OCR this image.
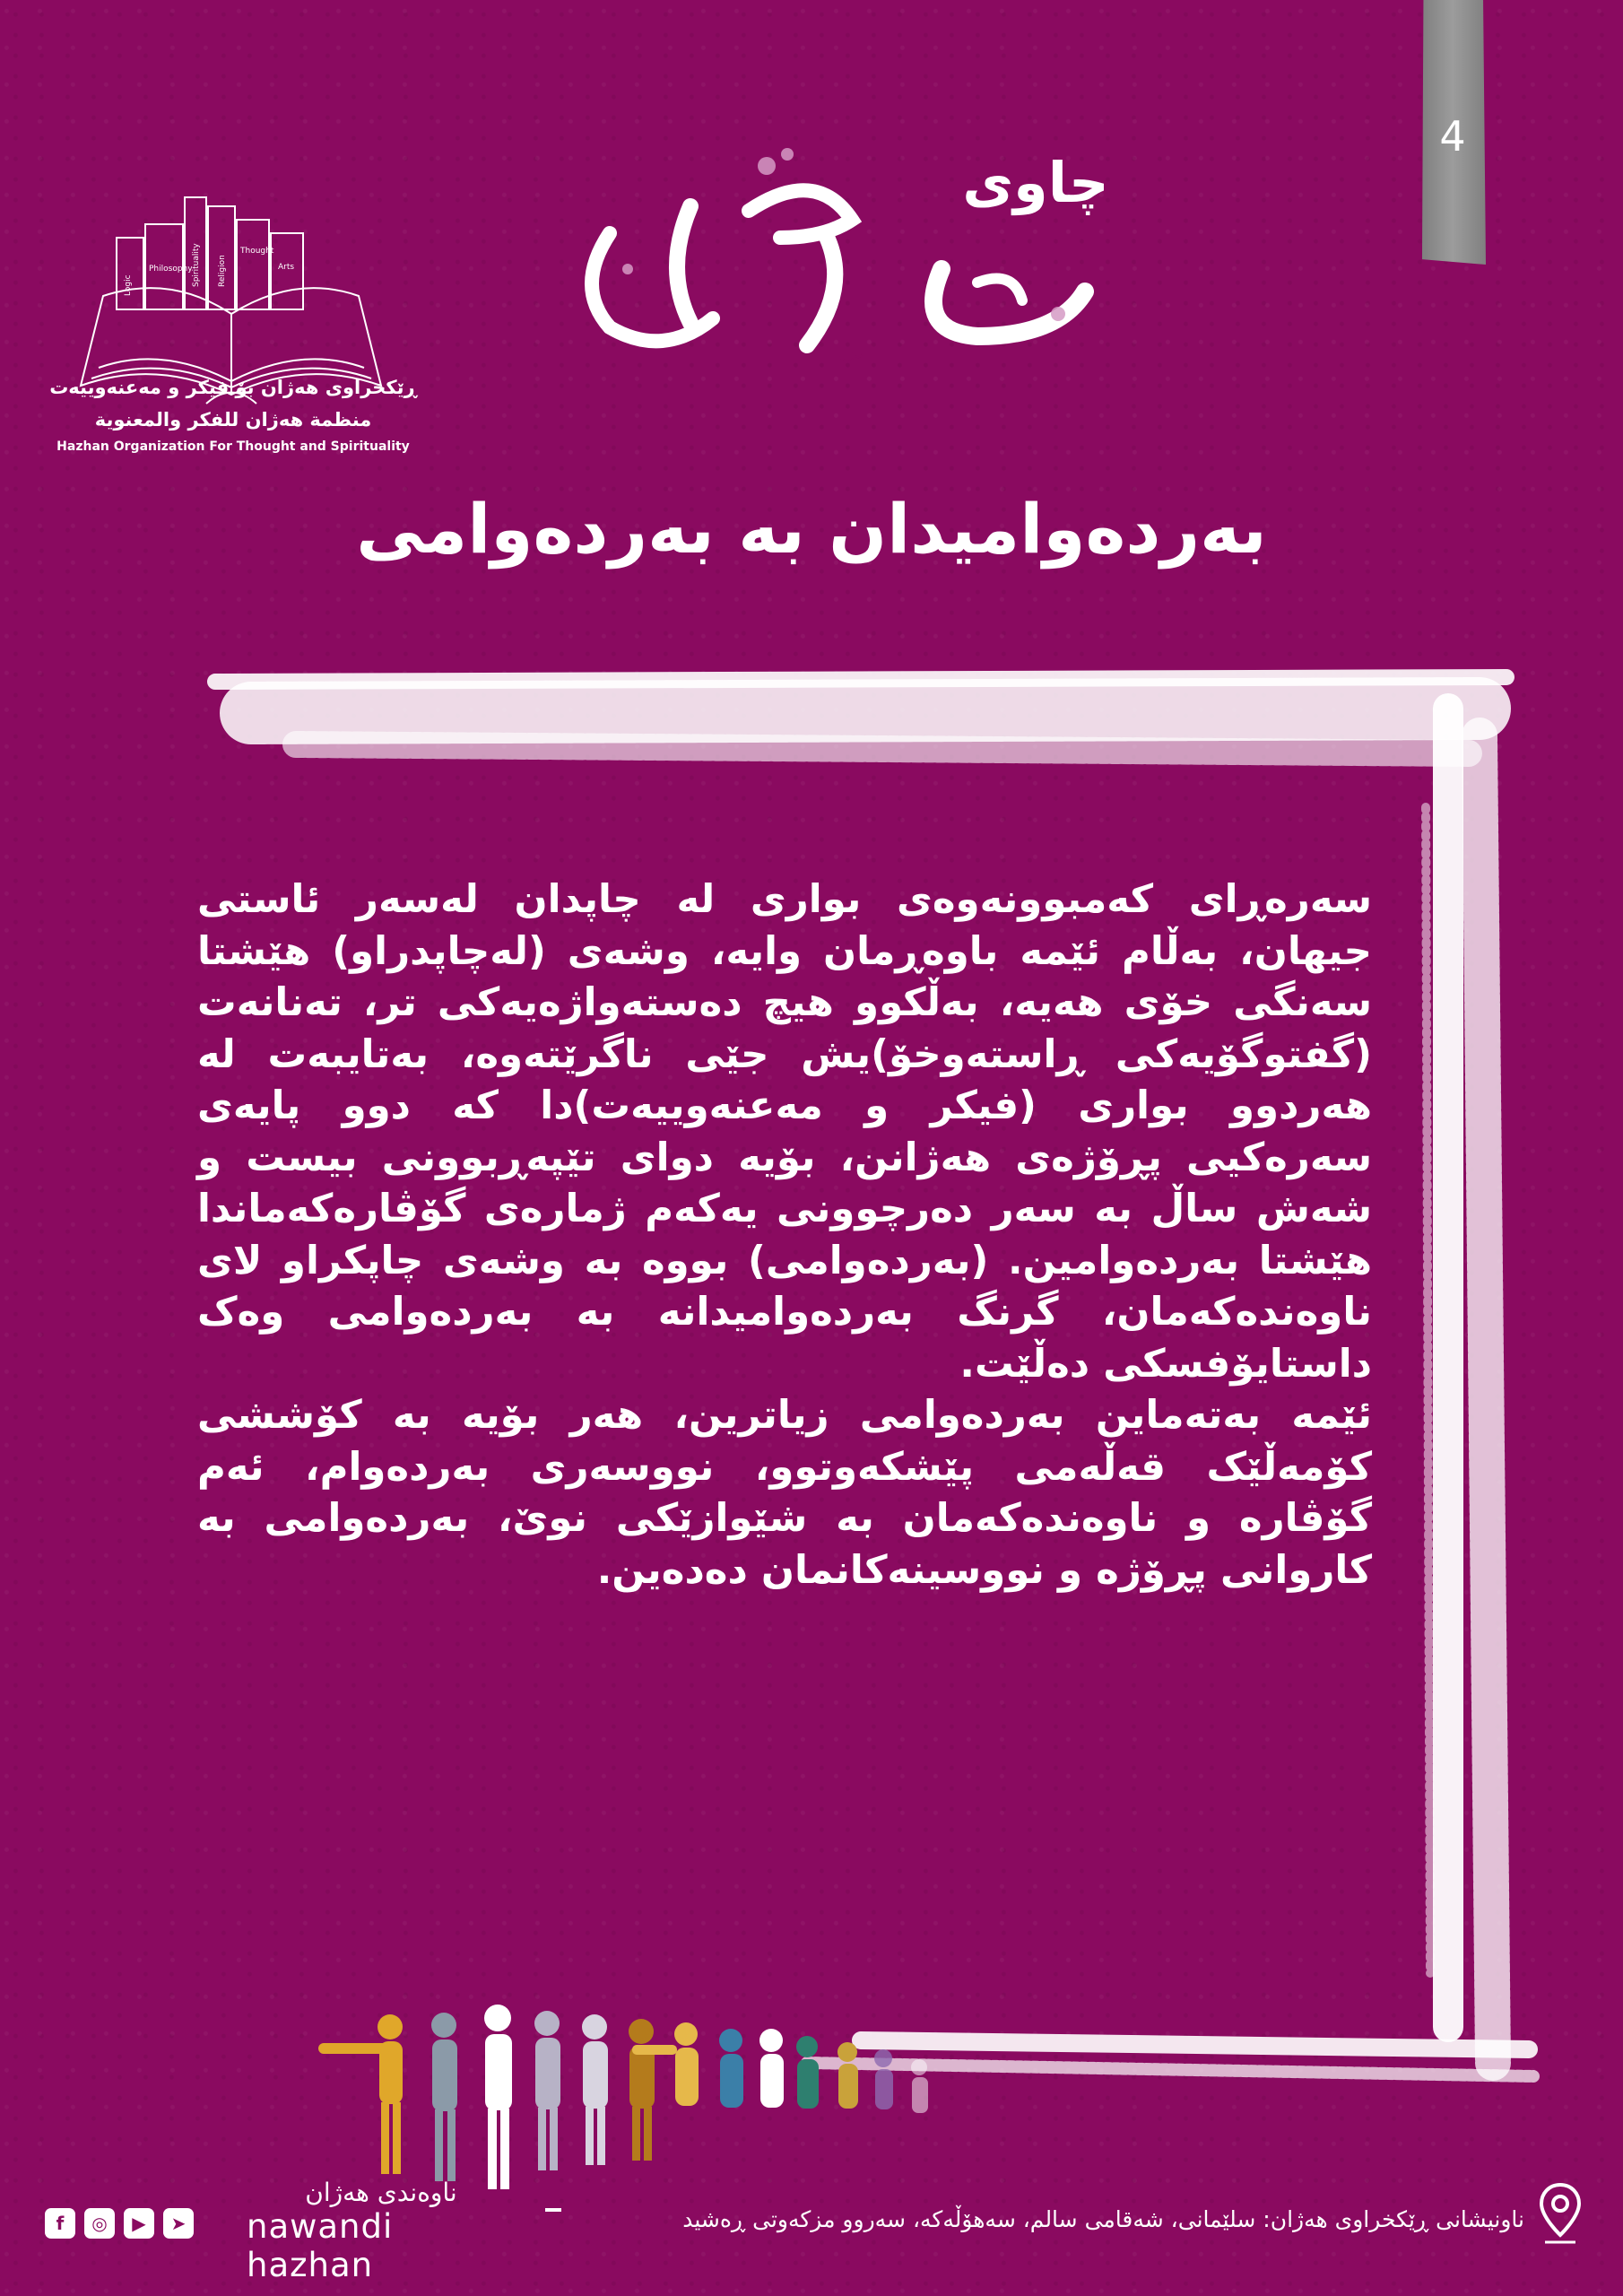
4
Logic
Philosophy Spirituality Religion
Thought
Arts
ڕێکخراوی هەژان بۆ فیکر و مەعنەوییەت
منظمة هەژان للفكر والمعنوية
Hazhan Organization For Thought and Spirituality
چاوی
هەژان
بەردەوامیدان بە بەردەوامی

سەرەڕای کەمبوونەوەی بواری لە چاپدان لەسەر ئاستی جیهان، بەڵام ئێمە باوەڕمان وایە، وشەی (لەچاپدراو) هێشتا سەنگی خۆی هەیە، بەڵکوو هیچ دەستەواژەیەکی تر، تەنانەت (گفتوگۆیەکی ڕاستەوخۆ)یش جێی ناگرێتەوە، بەتایبەت لە هەردوو بواری (فیکر و مەعنەوییەت)دا کە دوو پایەی سەرەکیی پڕۆژەی هەژانن، بۆیە دوای تێپەڕبوونی بیست و شەش ساڵ بە سەر دەرچوونی یەکەم ژمارەی گۆڤارەکەماندا هێشتا بەردەوامین. (بەردەوامی) بووە بە وشەی چاپکراو لای ناوەندەکەمان، گرنگ بەردەوامیدانە بە بەردەوامی وەک داستایۆفسکی دەڵێت.

ئێمە بەتەماین بەردەوامی زیاترین، هەر بۆیە بە کۆششی کۆمەڵێک قەڵەمی پێشکەوتوو، نووسەری بەردەوام، ئەم گۆڤارە و ناوەندەکەمان بە شێوازێکی نوێ، بەردەوامی بە کاروانی پڕۆژە و نووسینەکانمان دەدەین.

f	◎	▶	➤
ناوەندی هەژان
nawandi hazhan
ناونیشانی ڕێکخراوی هەژان: سلێمانی، شەقامی سالم، سەهۆڵەکە، سەروو مزکەوتی ڕەشید
